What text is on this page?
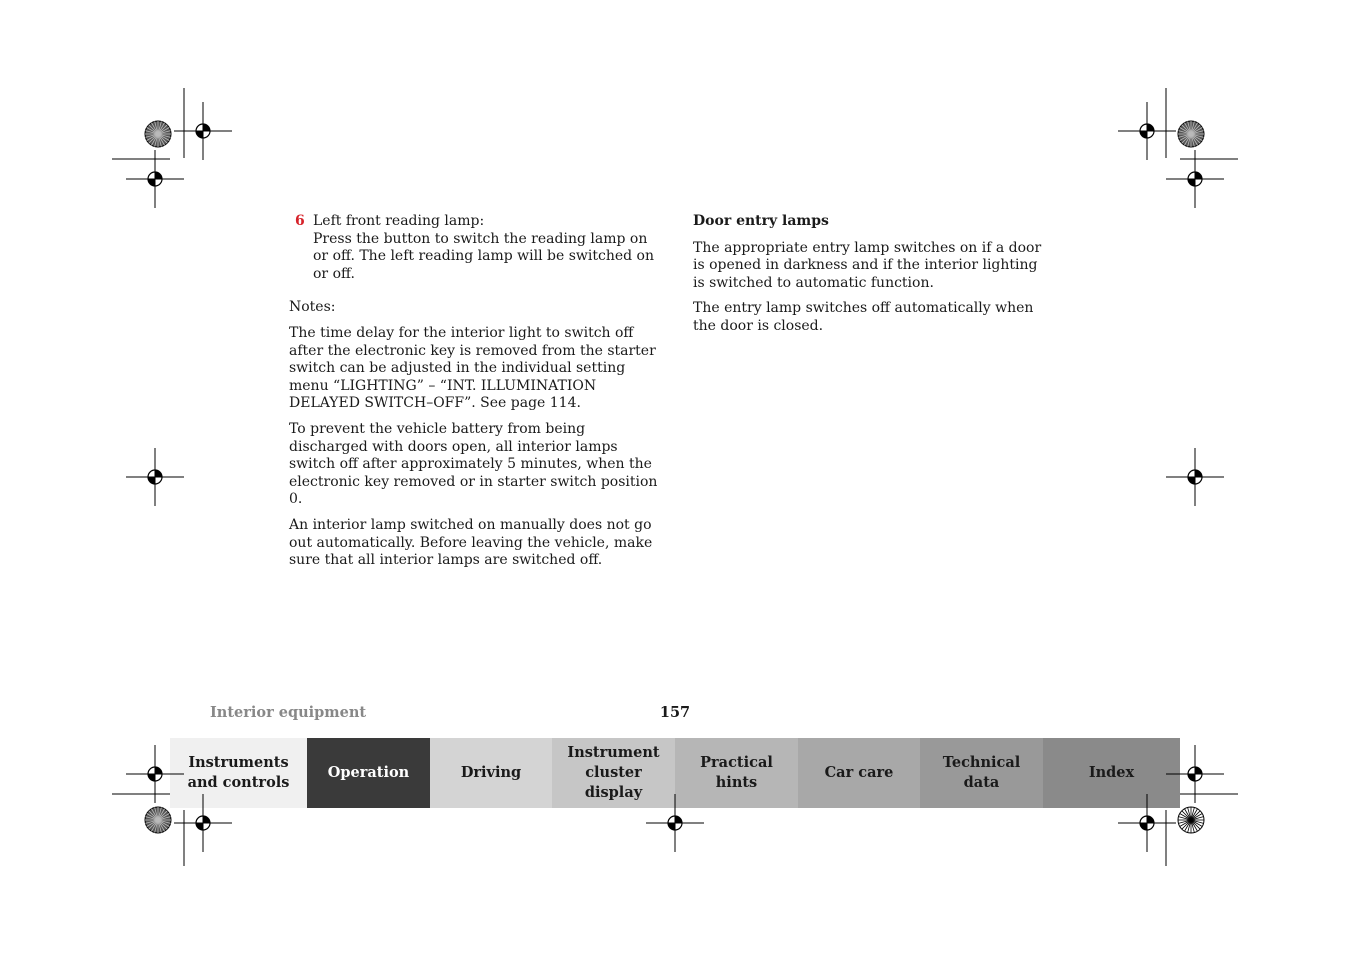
6 Left front reading lamp:
Press the button to switch the reading lamp on or off. The left reading lamp will be switched on or off.

Notes:

The time delay for the interior light to switch off after the electronic key is removed from the starter switch can be adjusted in the individual setting menu “LIGHTING” – “INT. ILLUMINATION DELAYED SWITCH–OFF”. See page 114.

To prevent the vehicle battery from being discharged with doors open, all interior lamps switch off after approximately 5 minutes, when the electronic key removed or in starter switch position 0.

An interior lamp switched on manually does not go out automatically. Before leaving the vehicle, make sure that all interior lamps are switched off.

Door entry lamps

The appropriate entry lamp switches on if a door is opened in darkness and if the interior lighting is switched to automatic function.

The entry lamp switches off automatically when the door is closed.

Interior equipment	157
Instruments
and controls
Operation	Driving
Instrument
cluster display
Practical hints
Car care
Technical
data
Index
